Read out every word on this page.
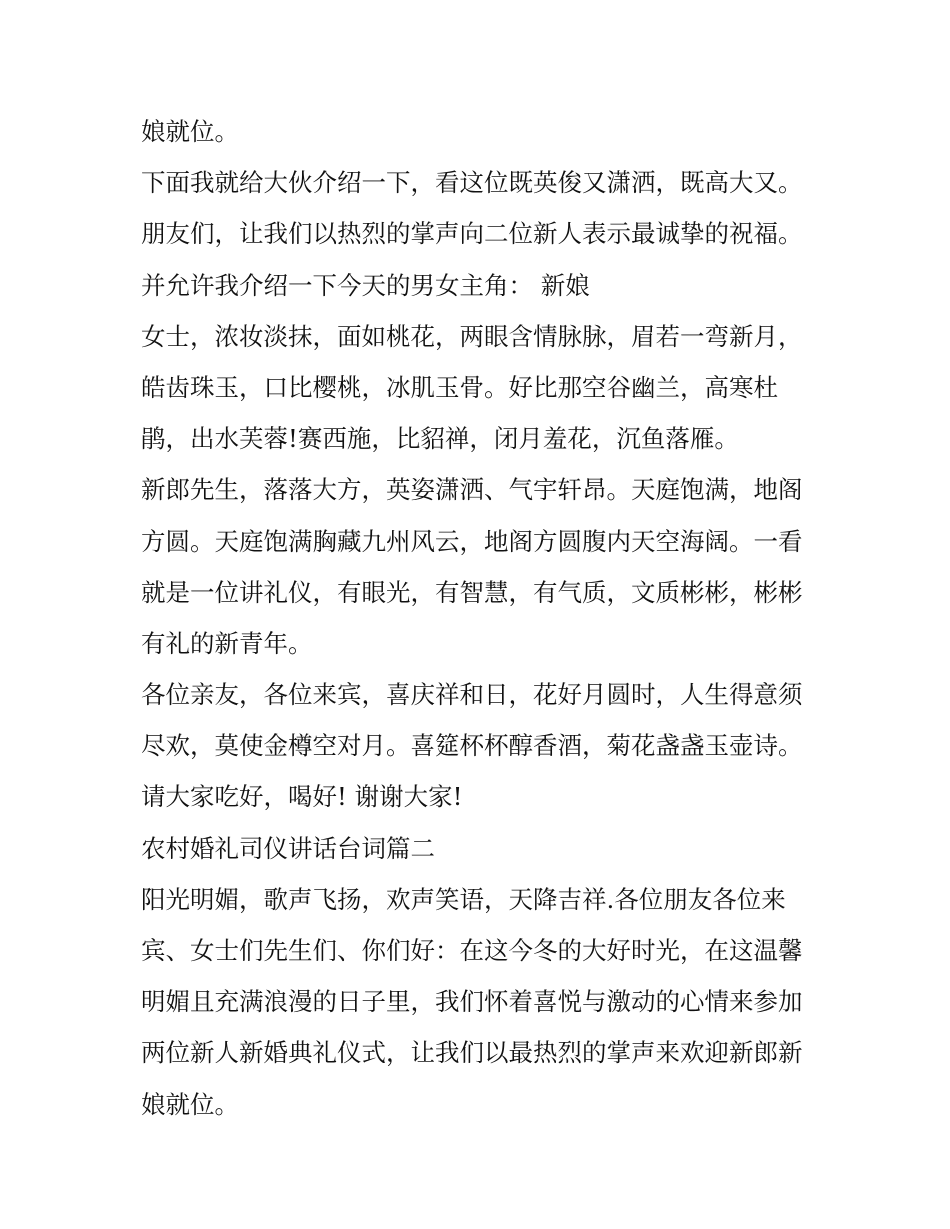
娘就位。
下面我就给大伙介绍一下，看这位既英俊又潇洒，既高大又。
朋友们，让我们以热烈的掌声向二位新人表示最诚挚的祝福。
并允许我介绍一下今天的男女主角： 新娘
女士，浓妆淡抹，面如桃花，两眼含情脉脉，眉若一弯新月，
皓齿珠玉，口比樱桃，冰肌玉骨。好比那空谷幽兰，高寒杜
鹃，出水芙蓉!赛西施，比貂禅，闭月羞花，沉鱼落雁。
新郎先生，落落大方，英姿潇洒、气宇轩昂。天庭饱满，地阁
方圆。天庭饱满胸藏九州风云，地阁方圆腹内天空海阔。一看
就是一位讲礼仪，有眼光，有智慧，有气质，文质彬彬，彬彬
有礼的新青年。
各位亲友，各位来宾，喜庆祥和日，花好月圆时，人生得意须
尽欢，莫使金樽空对月。喜筵杯杯醇香酒，菊花盏盏玉壶诗。
请大家吃好，喝好! 谢谢大家!
农村婚礼司仪讲话台词篇二
阳光明媚，歌声飞扬，欢声笑语，天降吉祥.各位朋友各位来
宾、女士们先生们、你们好：在这今冬的大好时光，在这温馨
明媚且充满浪漫的日子里，我们怀着喜悦与激动的心情来参加
两位新人新婚典礼仪式，让我们以最热烈的掌声来欢迎新郎新
娘就位。
